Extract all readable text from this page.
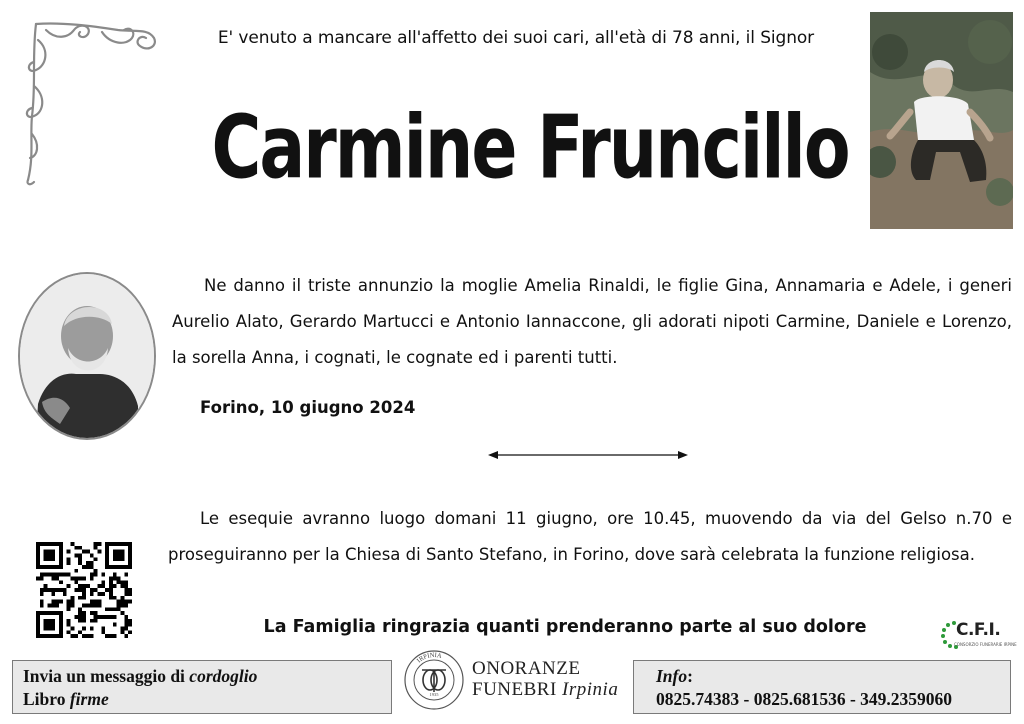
E' venuto a mancare all'affetto dei suoi cari, all'età di 78 anni, il Signor
Carmine Fruncillo

Ne danno il triste annunzio la moglie Amelia Rinaldi, le figlie Gina, Annamaria e Adele, i generi Aurelio Alato, Gerardo Martucci e Antonio Iannaccone, gli adorati nipoti Carmine, Daniele e Lorenzo, la sorella Anna, i cognati, le cognate ed i parenti tutti.

Forino, 10 giugno 2024

Le esequie avranno luogo domani 11 giugno, ore 10.45, muovendo da via del Gelso n.70 e proseguiranno per la Chiesa di Santo Stefano, in Forino, dove sarà celebrata la funzione religiosa.

La Famiglia ringrazia quanti prenderanno parte al suo dolore	C.F.I.
CONSORZIO FUNERARIE IRPINE
Invia un messaggio di cordoglio
Libro firme
IRPINIA
1935
ONORANZE
FUNEBRI Irpinia
Info:
0825.74383 - 0825.681536 - 349.2359060
